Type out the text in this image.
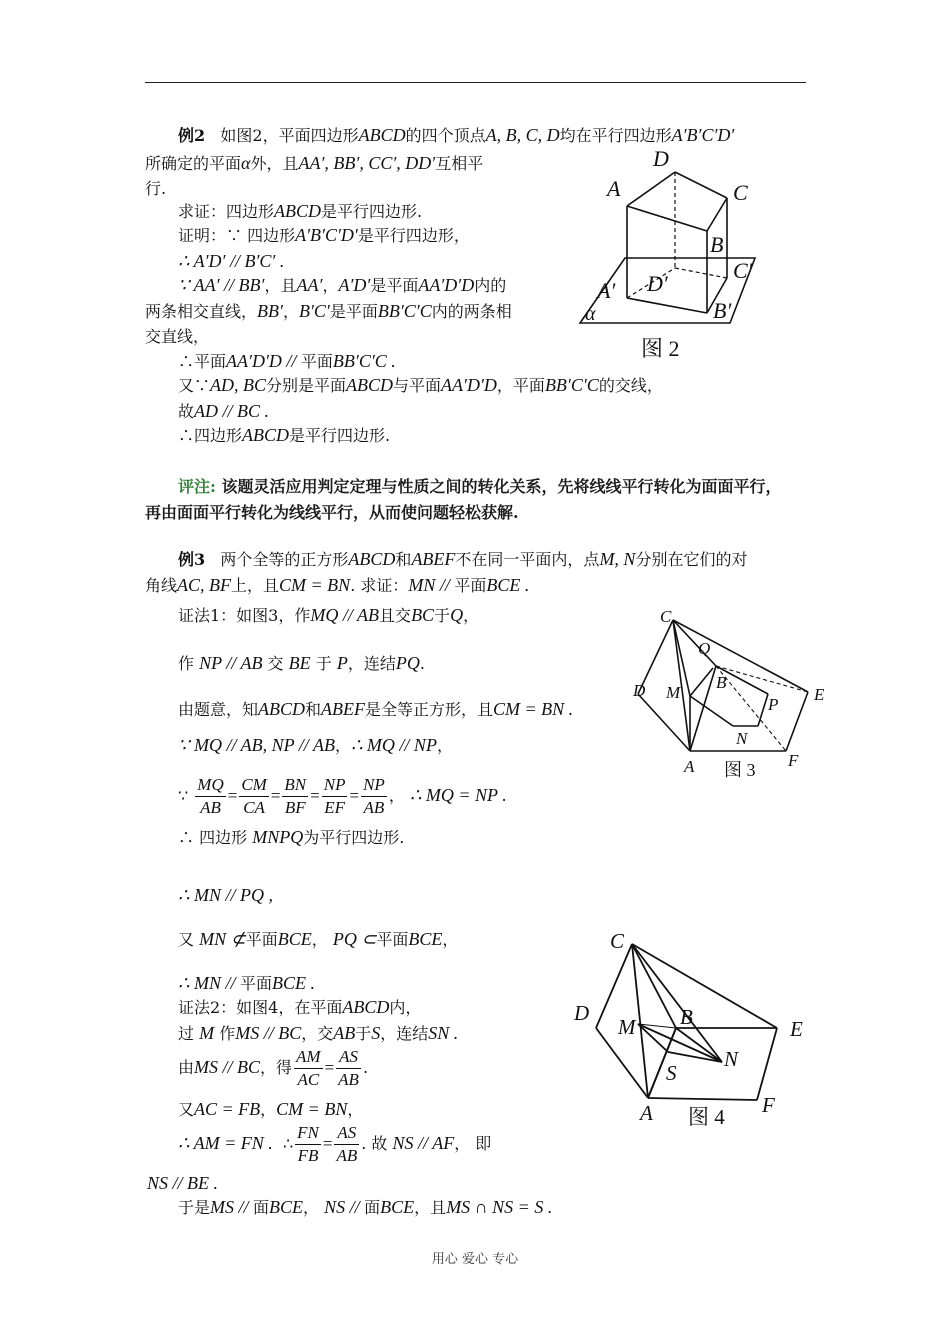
例2 如图2，平面四边形ABCD的四个顶点A, B, C, D均在平行四边形A′B′C′D′
所确定的平面α外，且AA′, BB′, CC′, DD′互相平
行.
求证：四边形ABCD是平行四边形.
证明：∵ 四边形A′B′C′D′是平行四边形，
∴ A′D′ // B′C′ .
∵ AA′ // BB′，且AA′，A′D′是平面AA′D′D内的
两条相交直线，BB′，B′C′是平面BB′C′C内的两条相
交直线，
∴平面AA′D′D // 平面BB′C′C .
又∵AD, BC分别是平面ABCD与平面AA′D′D，平面BB′C′C的交线，
故AD // BC .
∴四边形ABCD是平行四边形.
D
A	C
B
C′
A′ D′
B′
α
图 2
评注: 该题灵活应用判定定理与性质之间的转化关系，先将线线平行转化为面面平行，
再由面面平行转化为线线平行，从而使问题轻松获解.
例3 两个全等的正方形ABCD和ABEF不在同一平面内，点M, N分别在它们的对
角线AC, BF上，且CM = BN. 求证：MN // 平面BCE .
证法1：如图3，作MQ // AB且交BC于Q，
作 NP // AB 交 BE 于 P，连结PQ.
由题意，知ABCD和ABEF是全等正方形，且CM = BN .
∵ MQ // AB, NP // AB，∴ MQ // NP，
∵ $\frac{MQ}{AB} = \frac{CM}{CA} = \frac{BN}{BF} = \frac{NP}{EF} = \frac{NP}{AB}$ ， ∴ MQ = NP .
∴ 四边形 MNPQ为平行四边形.
∴ MN // PQ ,
又 MN ⊄平面BCE， PQ ⊂平面BCE，
∴ MN // 平面BCE .
C
Q
D M
B
P
E
N
A	F
图 3
证法2：如图4，在平面ABCD内，
过 M 作MS // BC，交AB于S，连结SN .
由MS // BC，得 $\frac{AM}{AC} = \frac{AS}{AB}$ .
又AC = FB，CM = BN，
∴ AM = FN . ∴ $\frac{FN}{FB} = \frac{AS}{AB}$ . 故 NS // AF， 即
NS // BE .
于是MS // 面BCE， NS // 面BCE，且MS ∩ NS = S .
C
D
M B	E
S
N
A	F
图 4
用心 爱心 专心
